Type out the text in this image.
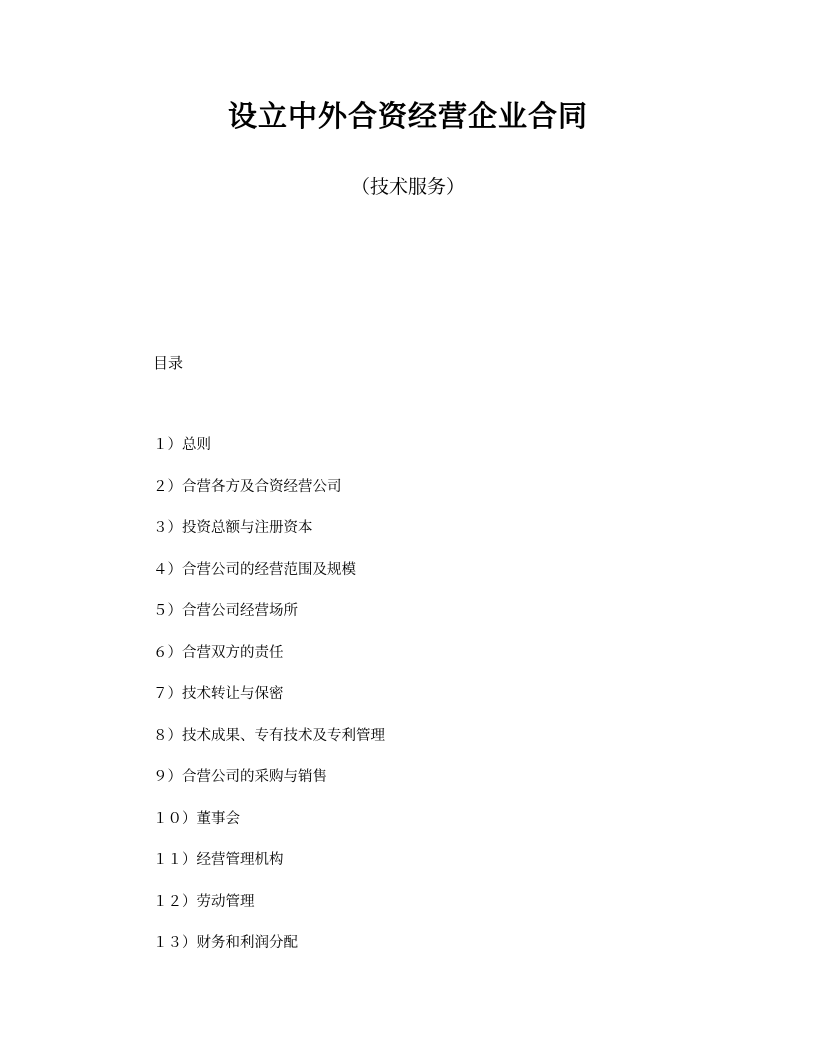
设立中外合资经营企业合同
（技术服务）
目录
１）总则
２）合营各方及合资经营公司
３）投资总额与注册资本
４）合营公司的经营范围及规模
５）合营公司经营场所
６）合营双方的责任
７）技术转让与保密
８）技术成果、专有技术及专利管理
９）合营公司的采购与销售
１０）董事会
１１）经营管理机构
１２）劳动管理
１３）财务和利润分配
